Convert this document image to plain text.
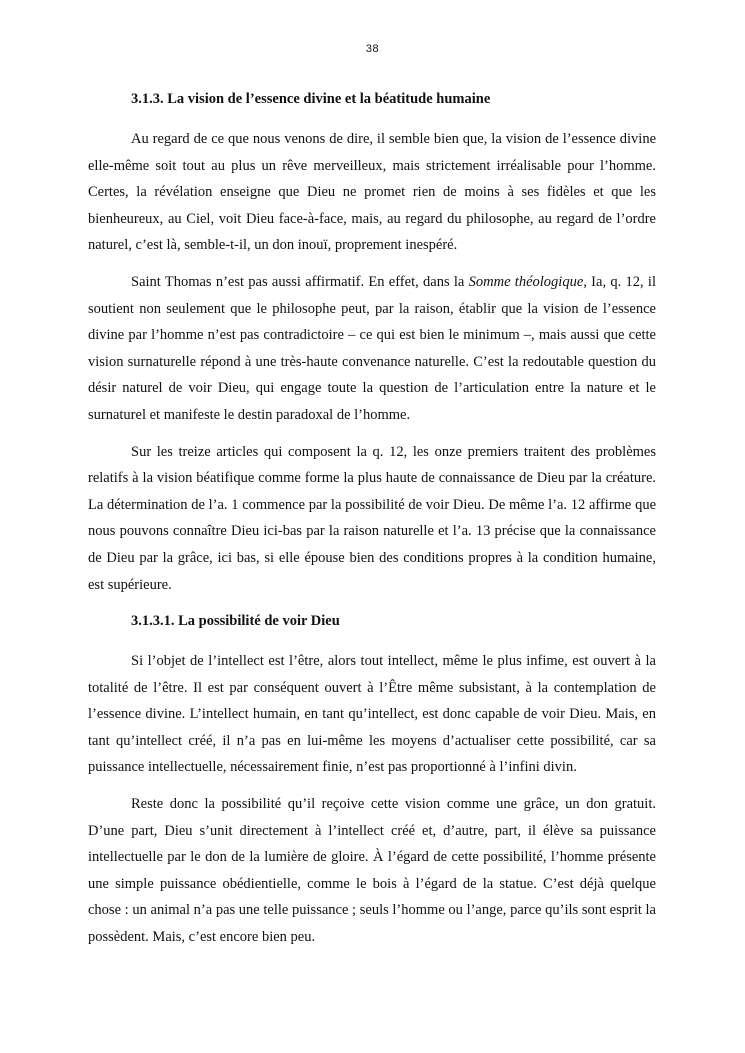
38
3.1.3. La vision de l’essence divine et la béatitude humaine

Au regard de ce que nous venons de dire, il semble bien que, la vision de l’essence divine elle-même soit tout au plus un rêve merveilleux, mais strictement irréalisable pour l’homme. Certes, la révélation enseigne que Dieu ne promet rien de moins à ses fidèles et que les bienheureux, au Ciel, voit Dieu face-à-face, mais, au regard du philosophe, au regard de l’ordre naturel, c’est là, semble-t-il, un don inouï, proprement inespéré.

Saint Thomas n’est pas aussi affirmatif. En effet, dans la Somme théologique, Ia, q. 12, il soutient non seulement que le philosophe peut, par la raison, établir que la vision de l’essence divine par l’homme n’est pas contradictoire – ce qui est bien le minimum –, mais aussi que cette vision surnaturelle répond à une très-haute convenance naturelle. C’est la redoutable question du désir naturel de voir Dieu, qui engage toute la question de l’articulation entre la nature et le surnaturel et manifeste le destin paradoxal de l’homme.

Sur les treize articles qui composent la q. 12, les onze premiers traitent des problèmes relatifs à la vision béatifique comme forme la plus haute de connaissance de Dieu par la créature. La détermination de l’a. 1 commence par la possibilité de voir Dieu. De même l’a. 12 affirme que nous pouvons connaître Dieu ici-bas par la raison naturelle et l’a. 13 précise que la connaissance de Dieu par la grâce, ici bas, si elle épouse bien des conditions propres à la condition humaine, est supérieure.

3.1.3.1. La possibilité de voir Dieu

Si l’objet de l’intellect est l’être, alors tout intellect, même le plus infime, est ouvert à la totalité de l’être. Il est par conséquent ouvert à l’Être même subsistant, à la contemplation de l’essence divine. L’intellect humain, en tant qu’intellect, est donc capable de voir Dieu. Mais, en tant qu’intellect créé, il n’a pas en lui-même les moyens d’actualiser cette possibilité, car sa puissance intellectuelle, nécessairement finie, n’est pas proportionné à l’infini divin.

Reste donc la possibilité qu’il reçoive cette vision comme une grâce, un don gratuit. D’une part, Dieu s’unit directement à l’intellect créé et, d’autre, part, il élève sa puissance intellectuelle par le don de la lumière de gloire. À l’égard de cette possibilité, l’homme présente une simple puissance obédientielle, comme le bois à l’égard de la statue. C’est déjà quelque chose : un animal n’a pas une telle puissance ; seuls l’homme ou l’ange, parce qu’ils sont esprit la possèdent. Mais, c’est encore bien peu.
